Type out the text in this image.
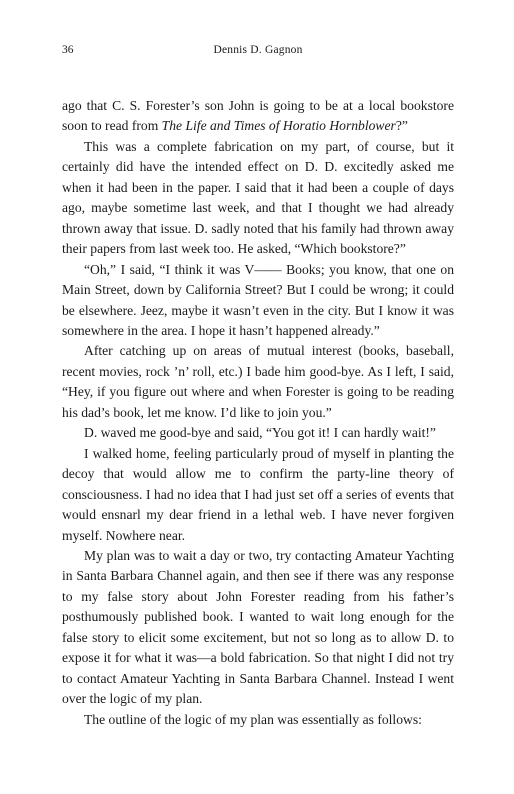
36	Dennis D. Gagnon

ago that C. S. Forester’s son John is going to be at a local bookstore soon to read from The Life and Times of Horatio Hornblower?”

This was a complete fabrication on my part, of course, but it certainly did have the intended effect on D. D. excitedly asked me when it had been in the paper. I said that it had been a couple of days ago, maybe sometime last week, and that I thought we had already thrown away that issue. D. sadly noted that his family had thrown away their papers from last week too. He asked, “Which bookstore?”

“Oh,” I said, “I think it was V—— Books; you know, that one on Main Street, down by California Street? But I could be wrong; it could be elsewhere. Jeez, maybe it wasn’t even in the city. But I know it was somewhere in the area. I hope it hasn’t happened already.”

After catching up on areas of mutual interest (books, baseball, recent movies, rock ’n’ roll, etc.) I bade him good-bye. As I left, I said, “Hey, if you figure out where and when Forester is going to be reading his dad’s book, let me know. I’d like to join you.”

D. waved me good-bye and said, “You got it! I can hardly wait!”

I walked home, feeling particularly proud of myself in planting the decoy that would allow me to confirm the party-line theory of consciousness. I had no idea that I had just set off a series of events that would ensnarl my dear friend in a lethal web. I have never forgiven myself. Nowhere near.

My plan was to wait a day or two, try contacting Amateur Yachting in Santa Barbara Channel again, and then see if there was any response to my false story about John Forester reading from his father’s posthumously published book. I wanted to wait long enough for the false story to elicit some excitement, but not so long as to allow D. to expose it for what it was—a bold fabrication. So that night I did not try to contact Amateur Yachting in Santa Barbara Channel. Instead I went over the logic of my plan.

The outline of the logic of my plan was essentially as follows:
